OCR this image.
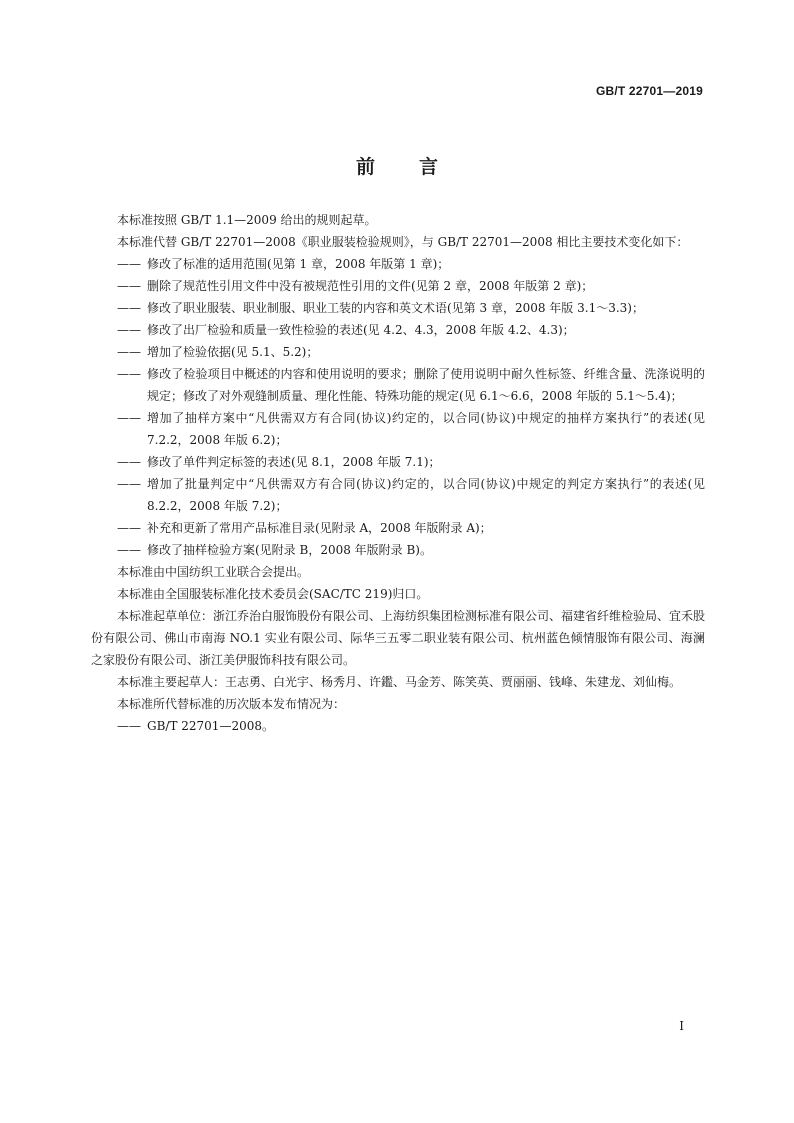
GB/T 22701—2019
前 言

本标准按照 GB/T 1.1—2009 给出的规则起草。

本标准代替 GB/T 22701—2008《职业服装检验规则》，与 GB/T 22701—2008 相比主要技术变化如下：

—— 修改了标准的适用范围(见第 1 章，2008 年版第 1 章)；

—— 删除了规范性引用文件中没有被规范性引用的文件(见第 2 章，2008 年版第 2 章)；

—— 修改了职业服装、职业制服、职业工装的内容和英文术语(见第 3 章，2008 年版 3.1～3.3)；

—— 修改了出厂检验和质量一致性检验的表述(见 4.2、4.3，2008 年版 4.2、4.3)；

—— 增加了检验依据(见 5.1、5.2)；

—— 修改了检验项目中概述的内容和使用说明的要求；删除了使用说明中耐久性标签、纤维含量、洗涤说明的规定；修改了对外观缝制质量、理化性能、特殊功能的规定(见 6.1～6.6，2008 年版的 5.1～5.4)；

—— 增加了抽样方案中“凡供需双方有合同(协议)约定的，以合同(协议)中规定的抽样方案执行”的表述(见 7.2.2，2008 年版 6.2)；

—— 修改了单件判定标签的表述(见 8.1，2008 年版 7.1)；

—— 增加了批量判定中“凡供需双方有合同(协议)约定的，以合同(协议)中规定的判定方案执行”的表述(见 8.2.2，2008 年版 7.2)；

—— 补充和更新了常用产品标准目录(见附录 A，2008 年版附录 A)；

—— 修改了抽样检验方案(见附录 B，2008 年版附录 B)。

本标准由中国纺织工业联合会提出。

本标准由全国服装标准化技术委员会(SAC/TC 219)归口。

本标准起草单位：浙江乔治白服饰股份有限公司、上海纺织集团检测标准有限公司、福建省纤维检验局、宜禾股份有限公司、佛山市南海 NO.1 实业有限公司、际华三五零二职业装有限公司、杭州蓝色倾情服饰有限公司、海澜之家股份有限公司、浙江美伊服饰科技有限公司。

本标准主要起草人：王志勇、白光宇、杨秀月、许鑑、马金芳、陈笑英、贾丽丽、钱峰、朱建龙、刘仙梅。

本标准所代替标准的历次版本发布情况为：

—— GB/T 22701—2008。

I
